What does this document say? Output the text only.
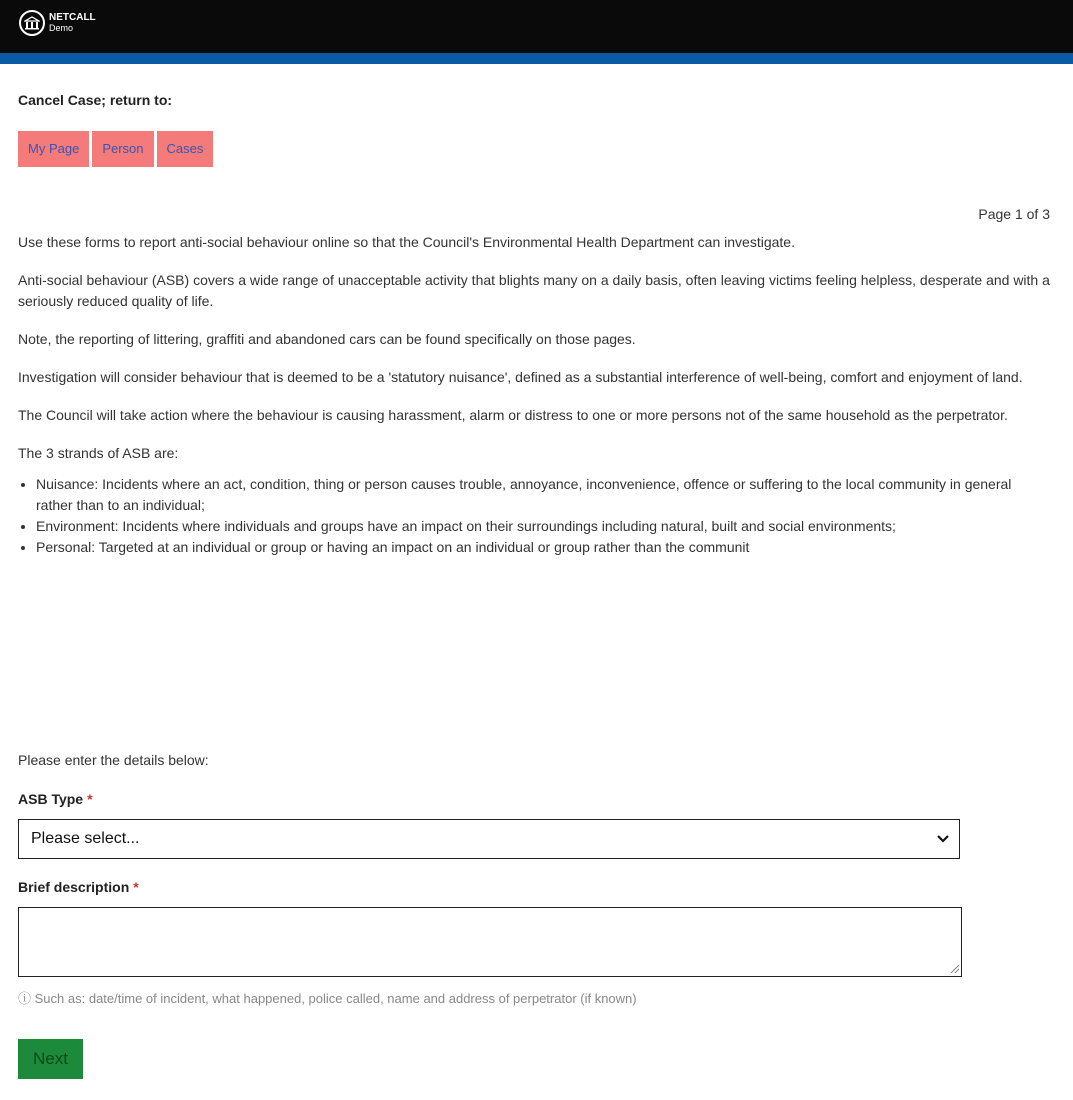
NETCALL
Demo
Cancel Case; return to:
My Page	Person	Cases
Page 1 of 3

Use these forms to report anti-social behaviour online so that the Council's Environmental Health Department can investigate.

Anti-social behaviour (ASB) covers a wide range of unacceptable activity that blights many on a daily basis, often leaving victims feeling helpless, desperate and with a seriously reduced quality of life.

Note, the reporting of littering, graffiti and abandoned cars can be found specifically on those pages.

Investigation will consider behaviour that is deemed to be a 'statutory nuisance', defined as a substantial interference of well-being, comfort and enjoyment of land.

The Council will take action where the behaviour is causing harassment, alarm or distress to one or more persons not of the same household as the perpetrator.

The 3 strands of ASB are:

• Nuisance: Incidents where an act, condition, thing or person causes trouble, annoyance, inconvenience, offence or suffering to the local community in general rather than to an individual;
• Environment: Incidents where individuals and groups have an impact on their surroundings including natural, built and social environments;
• Personal: Targeted at an individual or group or having an impact on an individual or group rather than the communit
Please enter the details below:
ASB Type *
Please select...
Brief description *
ⓘ Such as: date/time of incident, what happened, police called, name and address of perpetrator (if known)
Next
